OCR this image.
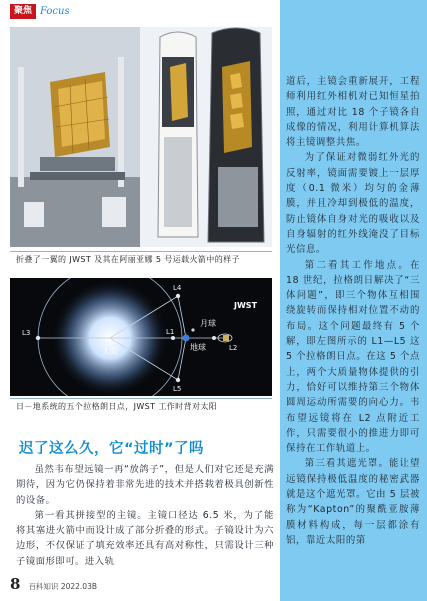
聚焦 Focus

道后，主镜会重新展开，工程师利用红外相机对已知恒星拍照，通过对比 18 个子镜各自成像的情况，利用计算机算法将主镜调整共焦。

为了保证对微弱红外光的反射率，镜面需要镀上一层厚度（0.1 微米）均匀的金薄膜，并且冷却到极低的温度，防止镜体自身对光的吸收以及自身辐射的红外线淹没了目标光信息。

第二看其工作地点。在 18 世纪，拉格朗日解决了“三体问题”，即三个物体互相围绕旋转而保持相对位置不动的布局。这个问题最终有 5 个解，即左图所示的 L1—L5 这 5 个拉格朗日点。在这 5 个点上，两个大质量物体提供的引力，恰好可以维持第三个物体圆周运动所需要的向心力。韦布望远镜将在 L2 点附近工作，只需要很小的推进力即可保持在工作轨道上。

第三看其遮光罩。能让望远镜保持极低温度的秘密武器就是这个遮光罩。它由 5 层被称为“Kapton”的聚酰亚胺薄膜材料构成，每一层都涂有铝，靠近太阳的第

折叠了一翼的 JWST 及其在阿丽亚娜 5 号运载火箭中的样子
L4
L5
L3	L1
L2
太阳	地球
月球
JWST
日－地系统的五个拉格朗日点，JWST 工作时背对太阳
迟了这么久，它“过时”了吗

虽然韦布望远镜一再“放鸽子”，但是人们对它还是充满期待，因为它仍保持着非常先进的技术并搭载着极具创新性的设备。

第一看其拼接型的主镜。主镜口径达 6.5 米，为了能将其塞进火箭中而设计成了部分折叠的形式。子镜设计为六边形，不仅保证了填充效率还具有高对称性，只需设计三种子镜面形即可。进入轨

8 百科知识 2022.03B
